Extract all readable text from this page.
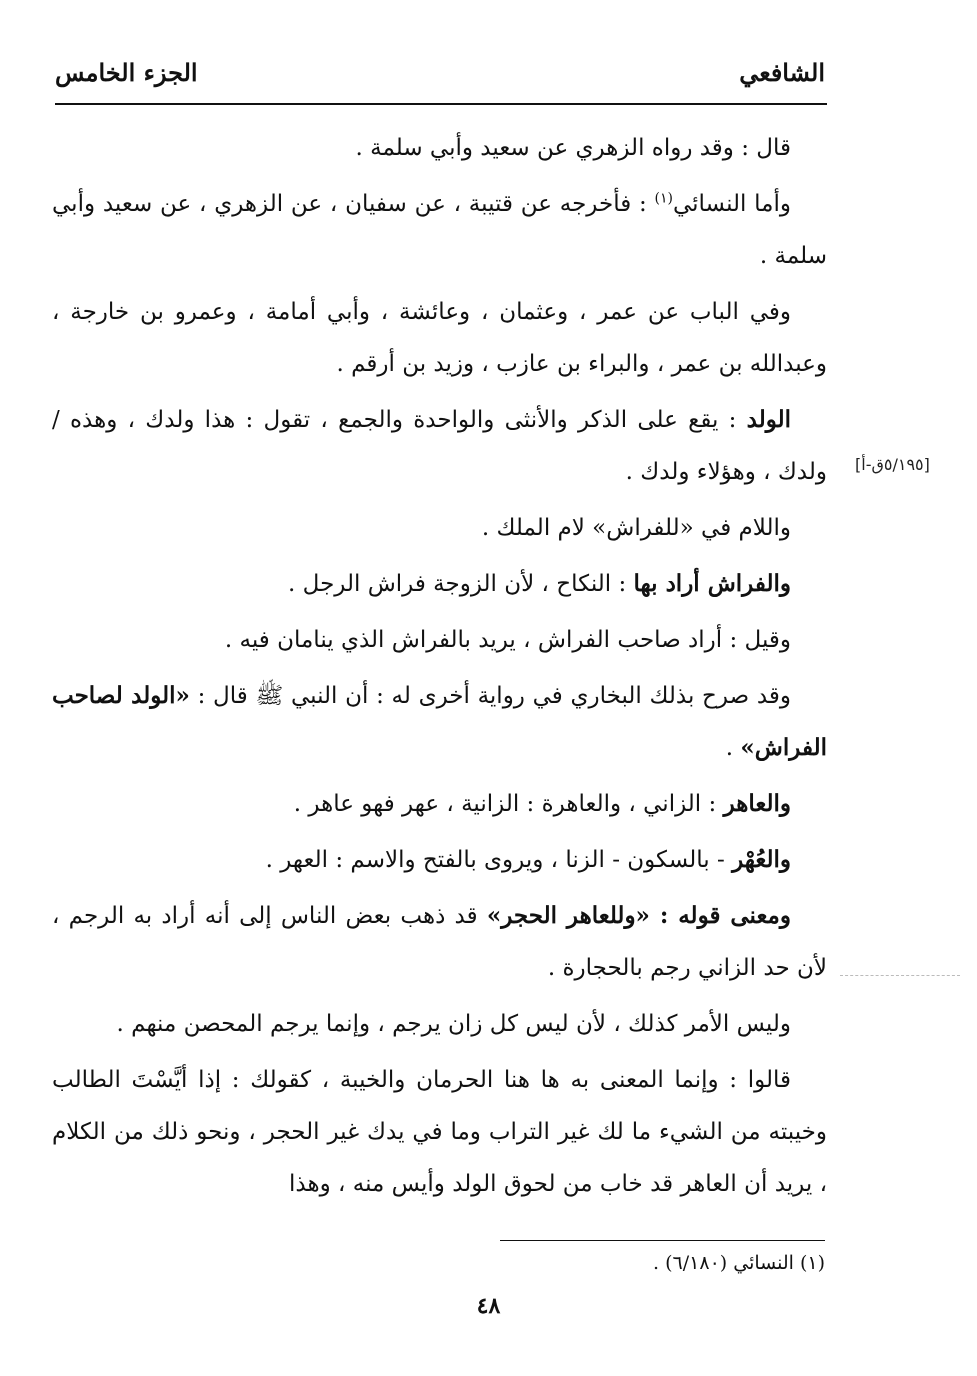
الشافعي
الجزء الخامس

قال : وقد رواه الزهري عن سعيد وأبي سلمة .

وأما النسائي$^{(١)}$ : فأخرجه عن قتيبة ، عن سفيان ، عن الزهري ، عن سعيد وأبي سلمة .

وفي الباب عن عمر ، وعثمان ، وعائشة ، وأبي أمامة ، وعمرو بن خارجة ، وعبدالله بن عمر ، والبراء بن عازب ، وزيد بن أرقم .

الولد : يقع على الذكر والأنثى والواحدة والجمع ، تقول : هذا ولدك ، وهذه / ولدك ، وهؤلاء ولدك .

واللام في «للفراش» لام الملك .

والفراش أراد بها : النكاح ، لأن الزوجة فراش الرجل .

وقيل : أراد صاحب الفراش ، يريد بالفراش الذي ينامان فيه .

وقد صرح بذلك البخاري في رواية أخرى له : أن النبي ﷺ قال : «الولد لصاحب الفراش» .

والعاهر : الزاني ، والعاهرة : الزانية ، عهر فهو عاهر .

والعُهْر - بالسكون - الزنا ، ويروى بالفتح والاسم : العهر .

ومعنى قوله : «وللعاهر الحجر» قد ذهب بعض الناس إلى أنه أراد به الرجم ، لأن حد الزاني رجم بالحجارة .

وليس الأمر كذلك ، لأن ليس كل زان يرجم ، وإنما يرجم المحصن منهم .

قالوا : وإنما المعنى به ها هنا الحرمان والخيبة ، كقولك : إذا أيَّسْتَ الطالب وخيبته من الشيء ما لك غير التراب وما في يدك غير الحجر ، ونحو ذلك من الكلام ، يريد أن العاهر قد خاب من لحوق الولد وأيس منه ، وهذا

[٥/١٩٥ق-أ]
(١) النسائي (٦/١٨٠) .
٤٨
